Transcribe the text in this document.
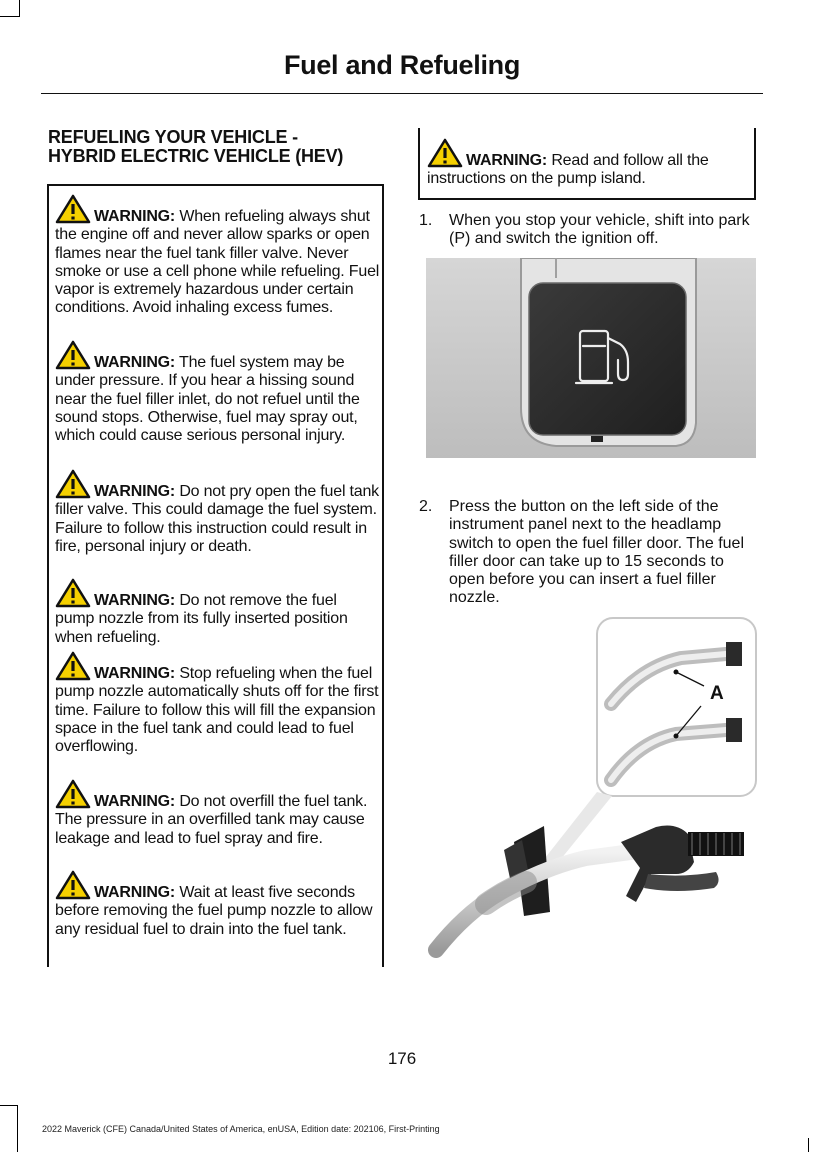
Fuel and Refueling
REFUELING YOUR VEHICLE -
HYBRID ELECTRIC VEHICLE (HEV)
WARNING: When refueling always shut the engine off and never allow sparks or open flames near the fuel tank filler valve. Never smoke or use a cell phone while refueling. Fuel vapor is extremely hazardous under certain conditions. Avoid inhaling excess fumes.
WARNING: The fuel system may be under pressure. If you hear a hissing sound near the fuel filler inlet, do not refuel until the sound stops. Otherwise, fuel may spray out, which could cause serious personal injury.
WARNING: Do not pry open the fuel tank filler valve. This could damage the fuel system. Failure to follow this instruction could result in fire, personal injury or death.
WARNING: Do not remove the fuel pump nozzle from its fully inserted position when refueling.
WARNING: Stop refueling when the fuel pump nozzle automatically shuts off for the first time. Failure to follow this will fill the expansion space in the fuel tank and could lead to fuel overflowing.
WARNING: Do not overfill the fuel tank. The pressure in an overfilled tank may cause leakage and lead to fuel spray and fire.
WARNING: Wait at least five seconds before removing the fuel pump nozzle to allow any residual fuel to drain into the fuel tank.
WARNING: Read and follow all the instructions on the pump island.
1. When you stop your vehicle, shift into park (P) and switch the ignition off.
2. Press the button on the left side of the instrument panel next to the headlamp switch to open the fuel filler door. The fuel filler door can take up to 15 seconds to open before you can insert a fuel filler nozzle.
A
176
2022 Maverick (CFE) Canada/United States of America, enUSA, Edition date: 202106, First-Printing
